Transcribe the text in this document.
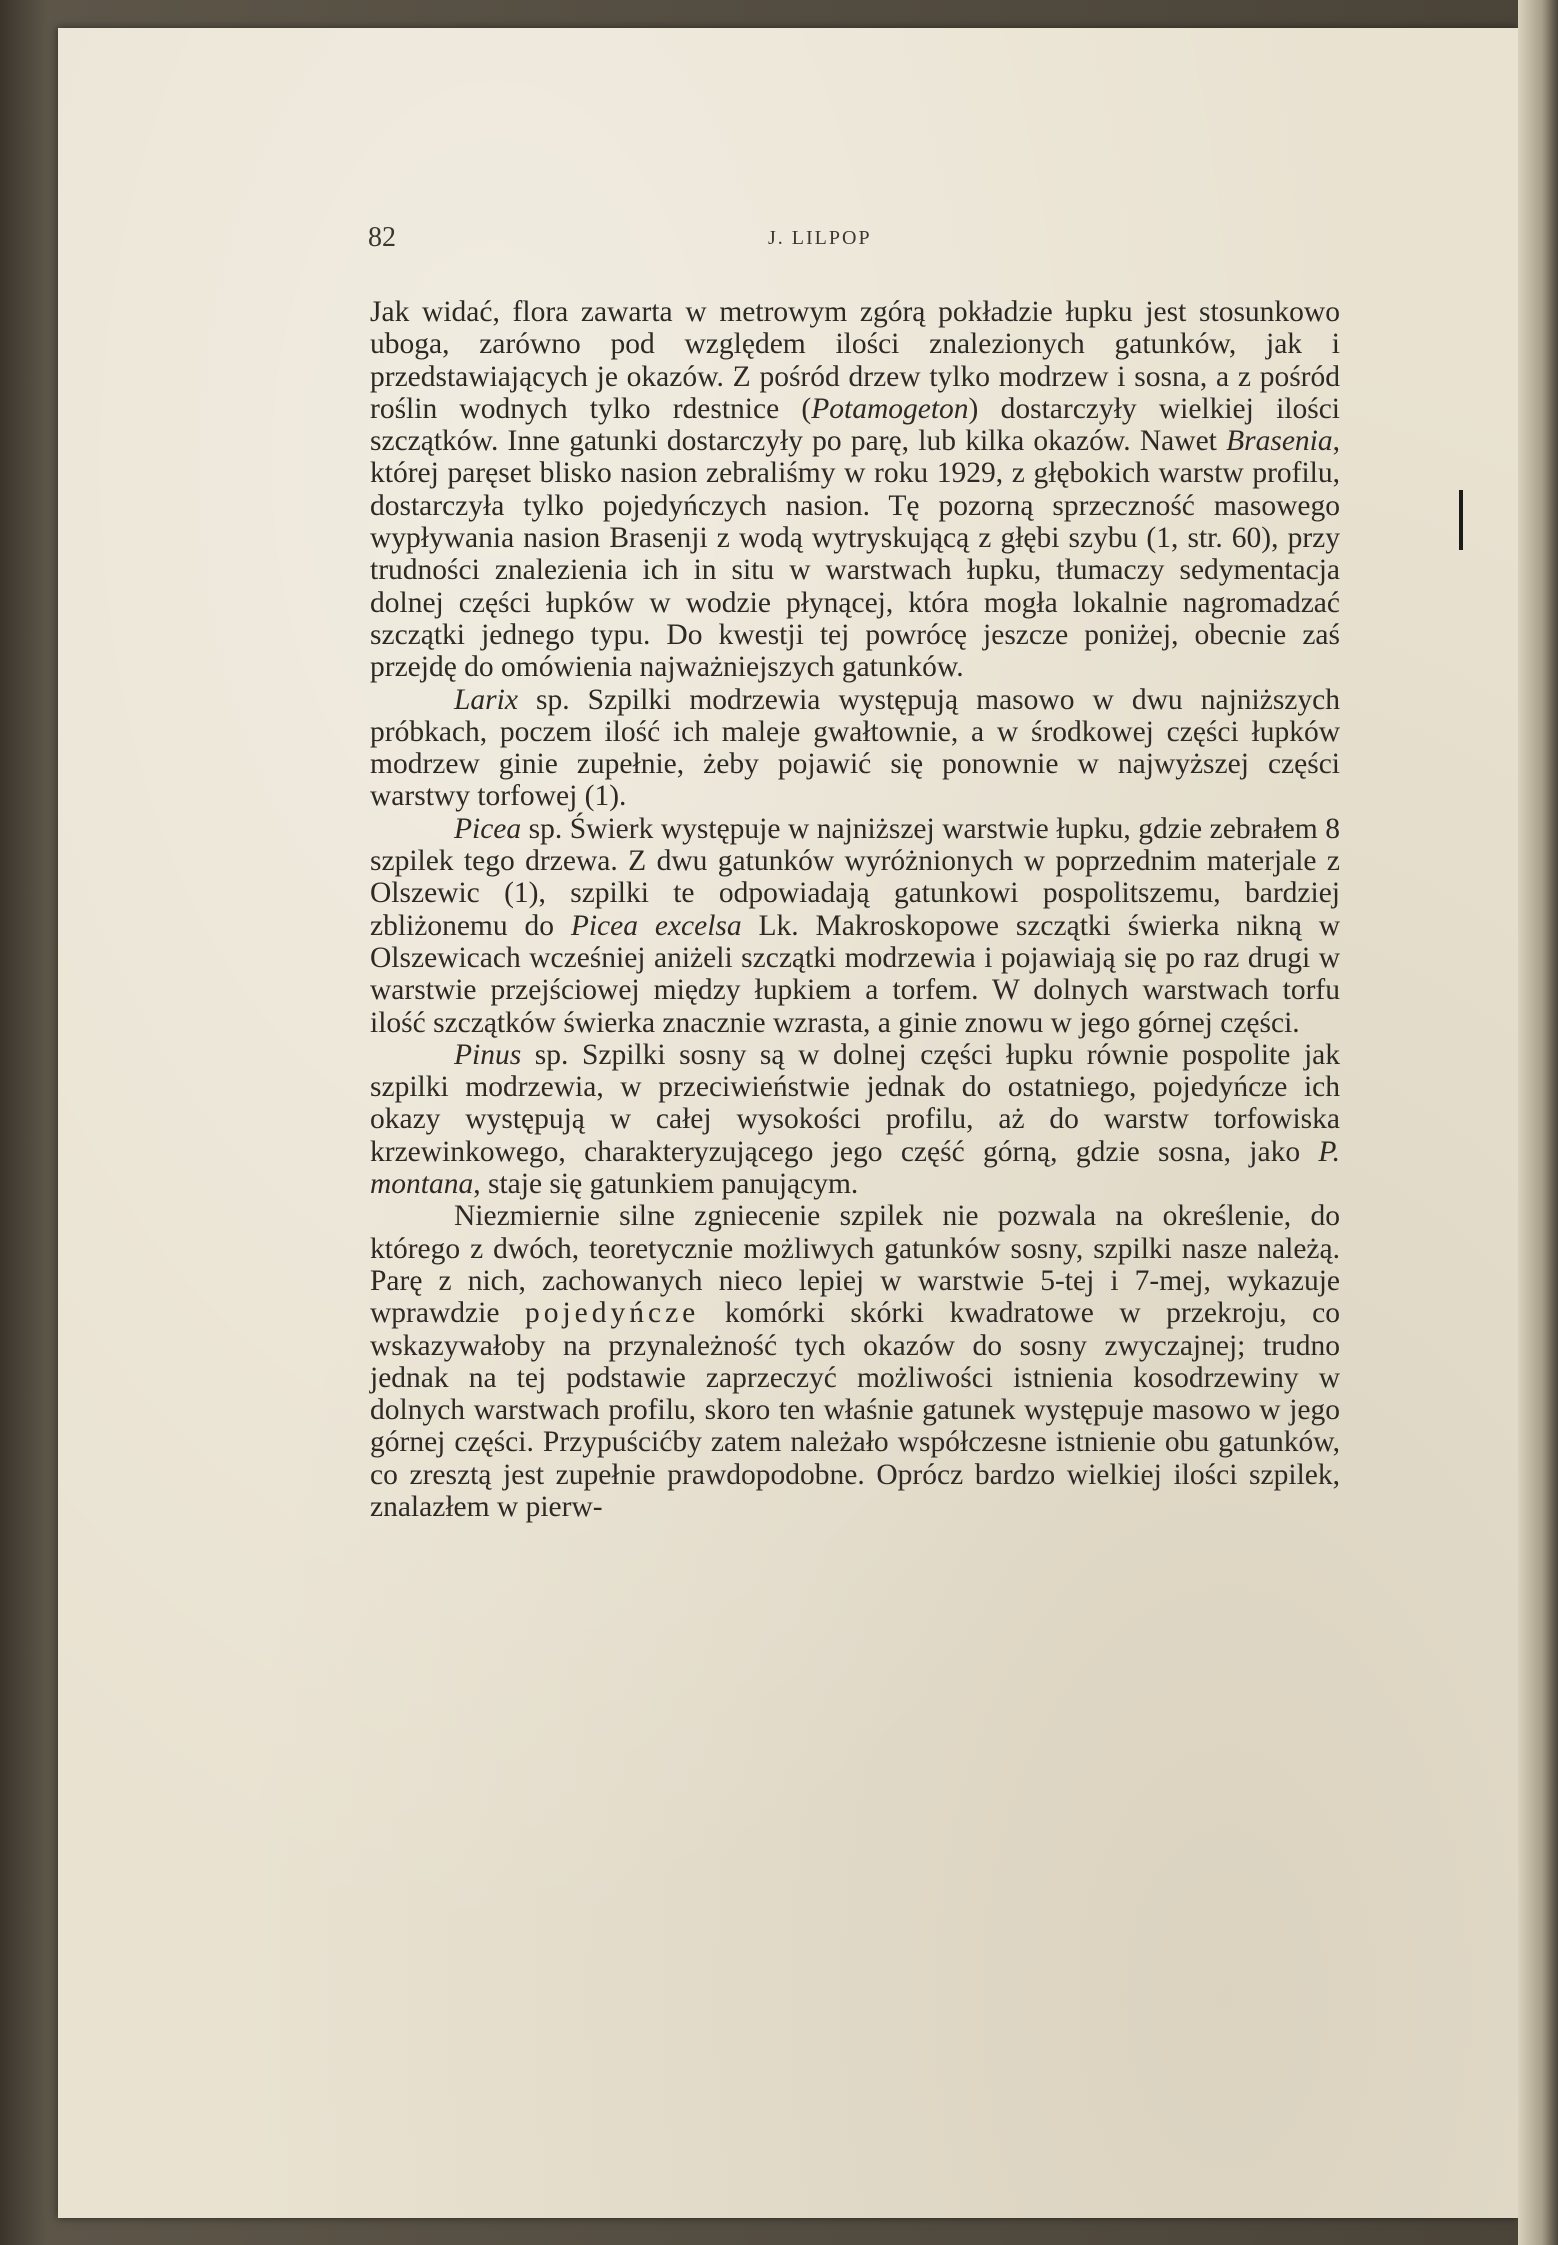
82	J. LILPOP

Jak widać, flora zawarta w metrowym zgórą pokładzie łupku jest stosunkowo uboga, zarówno pod względem ilości znalezionych gatunków, jak i przedstawiających je okazów. Z pośród drzew tylko modrzew i sosna, a z pośród roślin wodnych tylko rdestnice (Potamogeton) dostarczyły wielkiej ilości szczątków. Inne gatunki dostarczyły po parę, lub kilka okazów. Nawet Brasenia, której paręset blisko nasion zebraliśmy w roku 1929, z głębokich warstw profilu, dostarczyła tylko pojedyńczych nasion. Tę pozorną sprzeczność masowego wypływania nasion Brasenji z wodą wytryskującą z głębi szybu (1, str. 60), przy trudności znalezienia ich in situ w warstwach łupku, tłumaczy sedymentacja dolnej części łupków w wodzie płynącej, która mogła lokalnie nagromadzać szczątki jednego typu. Do kwestji tej powrócę jeszcze poniżej, obecnie zaś przejdę do omówienia najważniejszych gatunków.

Larix sp. Szpilki modrzewia występują masowo w dwu najniższych próbkach, poczem ilość ich maleje gwałtownie, a w środkowej części łupków modrzew ginie zupełnie, żeby pojawić się ponownie w najwyższej części warstwy torfowej (1).

Picea sp. Świerk występuje w najniższej warstwie łupku, gdzie zebrałem 8 szpilek tego drzewa. Z dwu gatunków wyróżnionych w poprzednim materjale z Olszewic (1), szpilki te odpowiadają gatunkowi pospolitszemu, bardziej zbliżonemu do Picea excelsa Lk. Makroskopowe szczątki świerka nikną w Olszewicach wcześniej aniżeli szczątki modrzewia i pojawiają się po raz drugi w warstwie przejściowej między łupkiem a torfem. W dolnych warstwach torfu ilość szczątków świerka znacznie wzrasta, a ginie znowu w jego górnej części.

Pinus sp. Szpilki sosny są w dolnej części łupku równie pospolite jak szpilki modrzewia, w przeciwieństwie jednak do ostatniego, pojedyńcze ich okazy występują w całej wysokości profilu, aż do warstw torfowiska krzewinkowego, charakteryzującego jego część górną, gdzie sosna, jako P. montana, staje się gatunkiem panującym.

Niezmiernie silne zgniecenie szpilek nie pozwala na określenie, do którego z dwóch, teoretycznie możliwych gatunków sosny, szpilki nasze należą. Parę z nich, zachowanych nieco lepiej w warstwie 5-tej i 7-mej, wykazuje wprawdzie pojedyńcze komórki skórki kwadratowe w przekroju, co wskazywałoby na przynależność tych okazów do sosny zwyczajnej; trudno jednak na tej podstawie zaprzeczyć możliwości istnienia kosodrzewiny w dolnych warstwach profilu, skoro ten właśnie gatunek występuje masowo w jego górnej części. Przypuścićby zatem należało współczesne istnienie obu gatunków, co zresztą jest zupełnie prawdopodobne. Oprócz bardzo wielkiej ilości szpilek, znalazłem w pierw-
